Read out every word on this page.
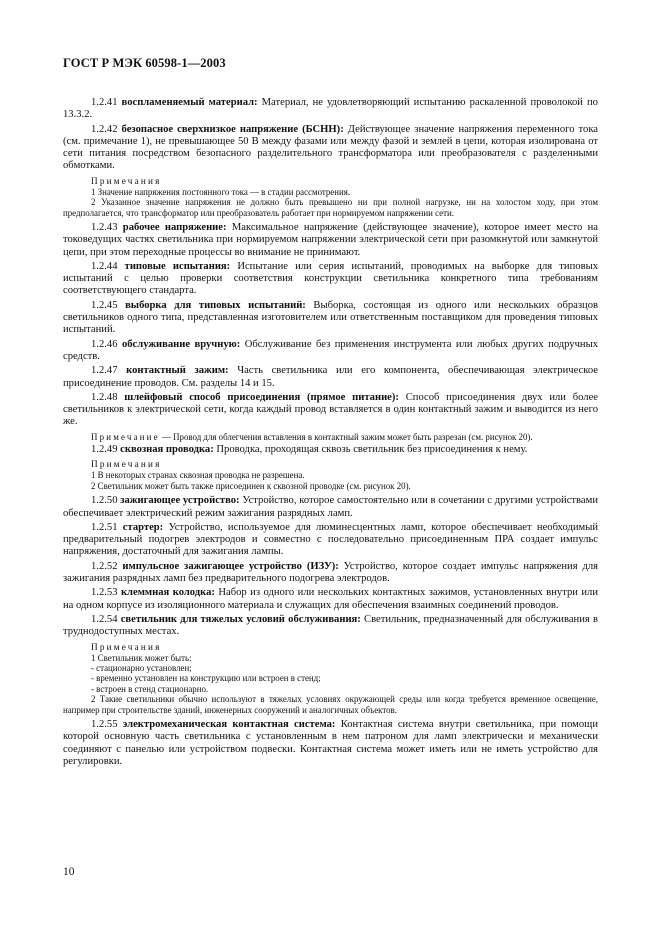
ГОСТ Р МЭК 60598-1—2003

1.2.41 воспламеняемый материал: Материал, не удовлетворяющий испытанию раскаленной проволокой по 13.3.2.

1.2.42 безопасное сверхнизкое напряжение (БСНН): Действующее значение напряжения переменного тока (см. примечание 1), не превышающее 50 В между фазами или между фазой и землей в цепи, которая изолирована от сети питания посредством безопасного разделительного трансформатора или преобразователя с разделенными обмотками.

Примечания

1 Значение напряжения постоянного тока — в стадии рассмотрения.

2 Указанное значение напряжения не должно быть превышено ни при полной нагрузке, ни на холостом ходу, при этом предполагается, что трансформатор или преобразователь работает при нормируемом напряжении сети.

1.2.43 рабочее напряжение: Максимальное напряжение (действующее значение), которое имеет место на токоведущих частях светильника при нормируемом напряжении электрической сети при разомкнутой или замкнутой цепи, при этом переходные процессы во внимание не принимают.

1.2.44 типовые испытания: Испытание или серия испытаний, проводимых на выборке для типовых испытаний с целью проверки соответствия конструкции светильника конкретного типа требованиям соответствующего стандарта.

1.2.45 выборка для типовых испытаний: Выборка, состоящая из одного или нескольких образцов светильников одного типа, представленная изготовителем или ответственным поставщиком для проведения типовых испытаний.

1.2.46 обслуживание вручную: Обслуживание без применения инструмента или любых других подручных средств.

1.2.47 контактный зажим: Часть светильника или его компонента, обеспечивающая электрическое присоединение проводов. См. разделы 14 и 15.

1.2.48 шлейфовый способ присоединения (прямое питание): Способ присоединения двух или более светильников к электрической сети, когда каждый провод вставляется в один контактный зажим и выводится из него же.

Примечание — Провод для облегчения вставления в контактный зажим может быть разрезан (см. рисунок 20).

1.2.49 сквозная проводка: Проводка, проходящая сквозь светильник без присоединения к нему.

Примечания

1 В некоторых странах сквозная проводка не разрешена.

2 Светильник может быть также присоединен к сквозной проводке (см. рисунок 20).

1.2.50 зажигающее устройство: Устройство, которое самостоятельно или в сочетании с другими устройствами обеспечивает электрический режим зажигания разрядных ламп.

1.2.51 стартер: Устройство, используемое для люминесцентных ламп, которое обеспечивает необходимый предварительный подогрев электродов и совместно с последовательно присоединенным ПРА создает импульс напряжения, достаточный для зажигания лампы.

1.2.52 импульсное зажигающее устройство (ИЗУ): Устройство, которое создает импульс напряжения для зажигания разрядных ламп без предварительного подогрева электродов.

1.2.53 клеммная колодка: Набор из одного или нескольких контактных зажимов, установленных внутри или на одном корпусе из изоляционного материала и служащих для обеспечения взаимных соединений проводов.

1.2.54 светильник для тяжелых условий обслуживания: Светильник, предназначенный для обслуживания в труднодоступных местах.

Примечания

1 Светильник может быть:

- стационарно установлен;

- временно установлен на конструкцию или встроен в стенд;

- встроен в стенд стационарно.

2 Такие светильники обычно используют в тяжелых условиях окружающей среды или когда требуется временное освещение, например при строительстве зданий, инженерных сооружений и аналогичных объектов.

1.2.55 электромеханическая контактная система: Контактная система внутри светильника, при помощи которой основную часть светильника с установленным в нем патроном для ламп электрически и механически соединяют с панелью или устройством подвески. Контактная система может иметь или не иметь устройство для регулировки.

10
